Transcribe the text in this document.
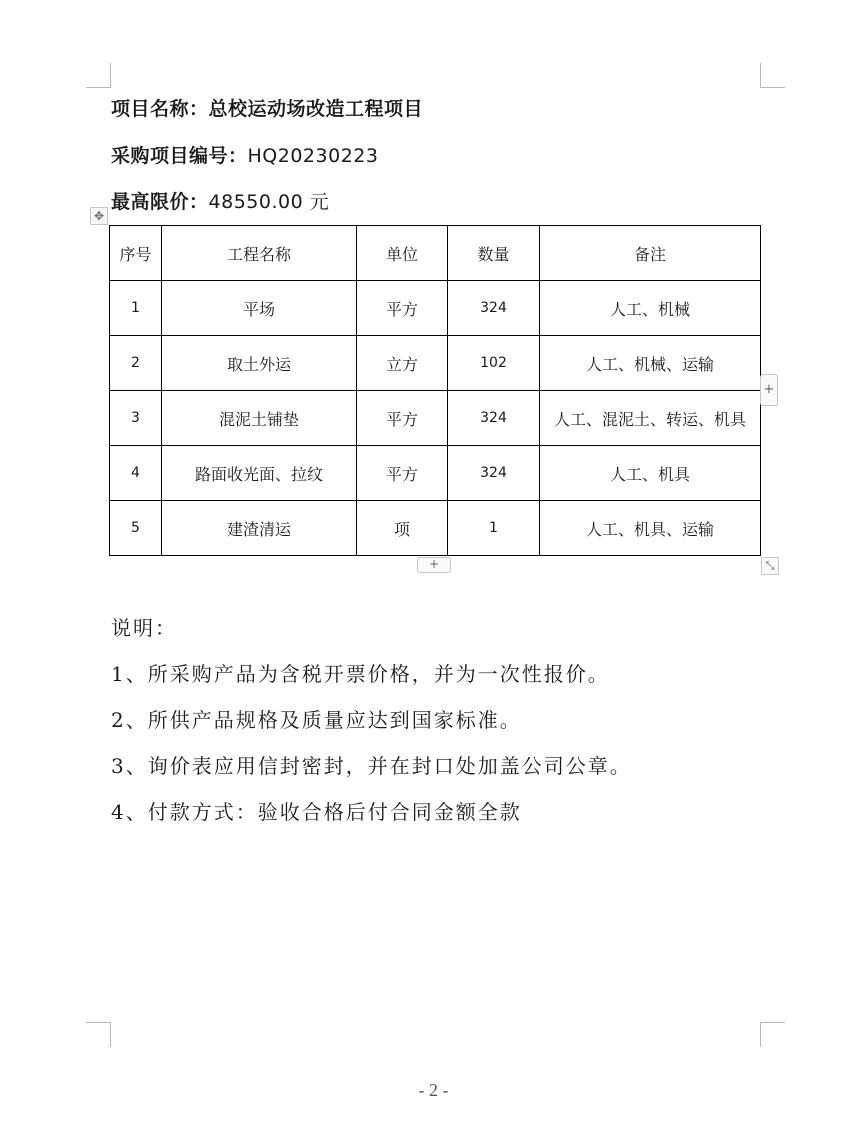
项目名称：总校运动场改造工程项目
采购项目编号：HQ20230223
最高限价：48550.00 元
✥
序号	工程名称	单位	数量	备注
1	平场	平方	324	人工、机械
2	取土外运	立方	102	人工、机械、运输
3	混泥土铺垫	平方	324	人工、混泥土、转运、机具
4	路面收光面、拉纹	平方	324	人工、机具
5	建渣清运	项	1	人工、机具、运输
+
+	⤡
说明：
1、所采购产品为含税开票价格，并为一次性报价。
2、所供产品规格及质量应达到国家标准。
3、询价表应用信封密封，并在封口处加盖公司公章。
4、付款方式：验收合格后付合同金额全款
- 2 -
